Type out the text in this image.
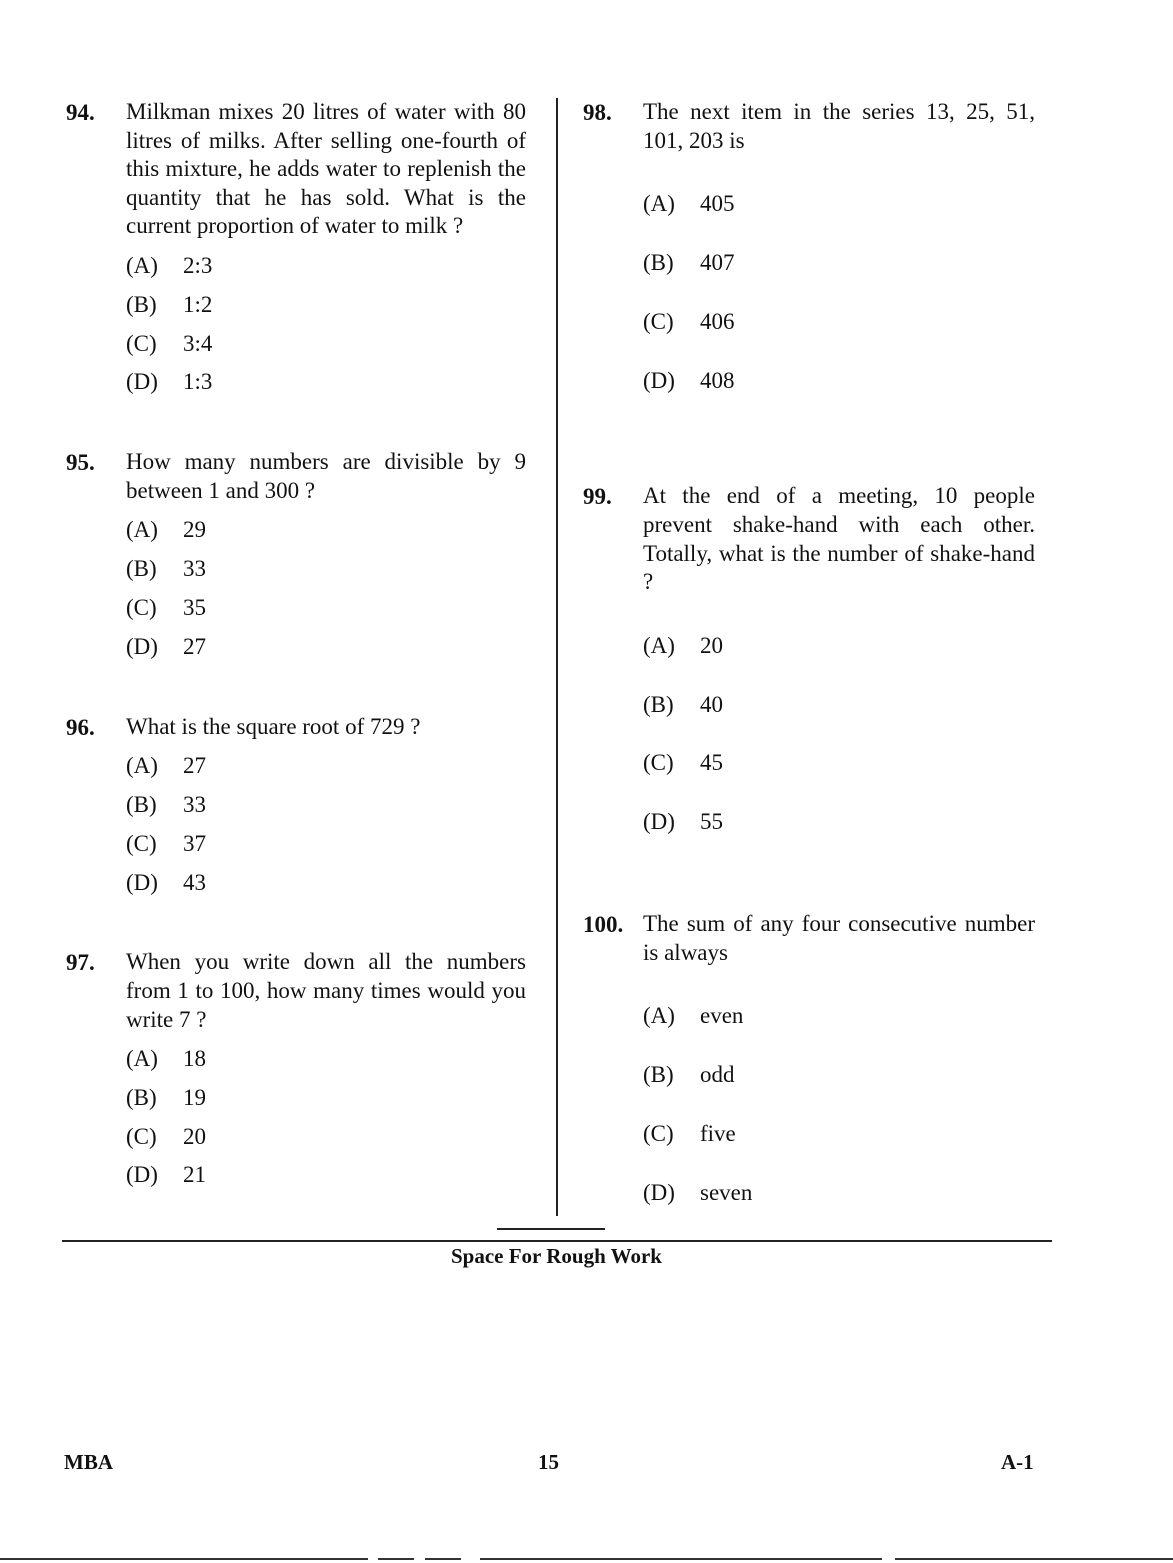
94. Milkman mixes 20 litres of water with 80 litres of milks. After selling one-fourth of this mixture, he adds water to replenish the quantity that he has sold. What is the current proportion of water to milk ?
(A) 2:3
(B) 1:2
(C) 3:4
(D) 1:3
95. How many numbers are divisible by 9 between 1 and 300 ?
(A) 29
(B) 33
(C) 35
(D) 27
96. What is the square root of 729 ?
(A) 27
(B) 33
(C) 37
(D) 43
97. When you write down all the numbers from 1 to 100, how many times would you write 7 ?
(A) 18
(B) 19
(C) 20
(D) 21
98. The next item in the series 13, 25, 51, 101, 203 is
(A) 405
(B) 407
(C) 406
(D) 408
99. At the end of a meeting, 10 people prevent shake-hand with each other. Totally, what is the number of shake-hand ?
(A) 20
(B) 40
(C) 45
(D) 55
100. The sum of any four consecutive number is always
(A) even
(B) odd
(C) five
(D) seven
Space For Rough Work
MBA	15	A-1
